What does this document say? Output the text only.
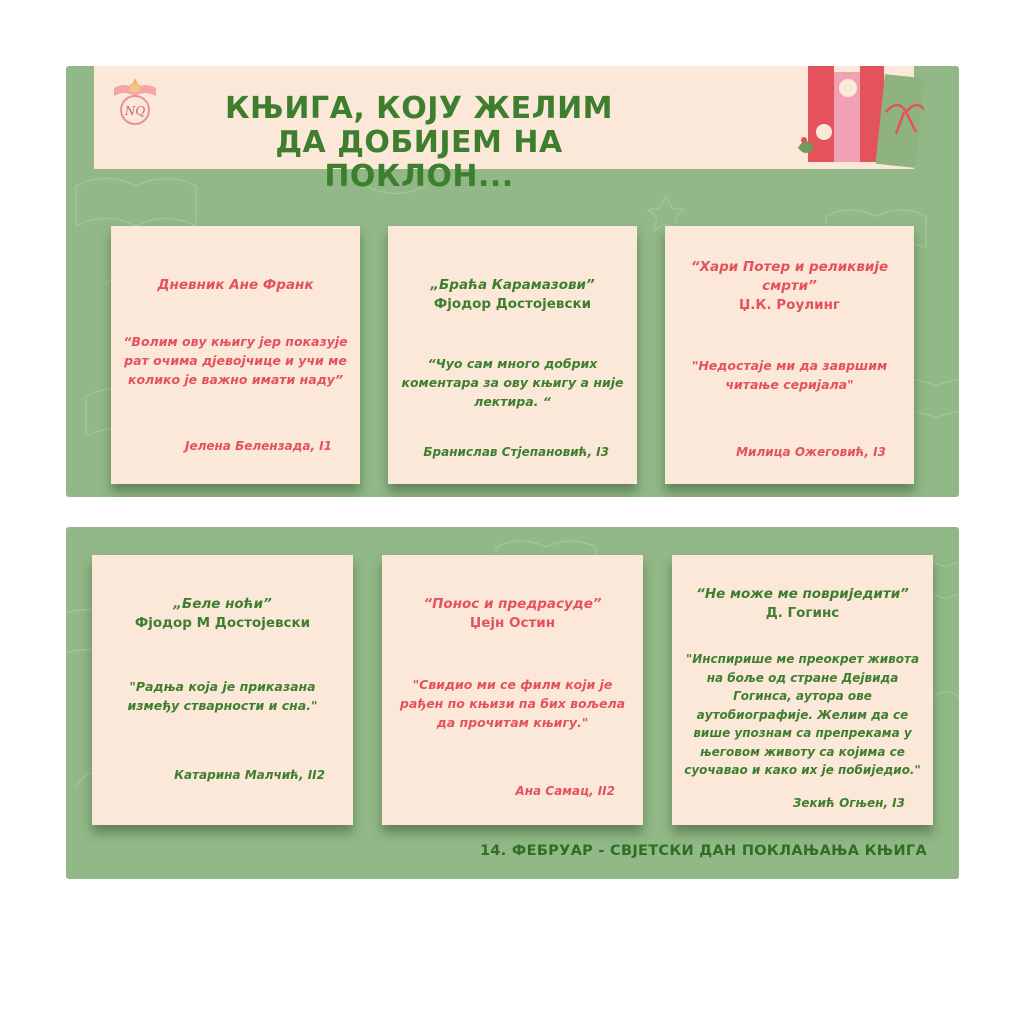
NQ	КЊИГА, КОЈУ ЖЕЛИМ
ДА ДОБИЈЕМ НА ПОКЛОН...
Дневник Ане Франк
“Волим ову књигу јер показује рат очима дјевојчице и учи ме колико је важно имати наду”
Јелена Белензада, I1
„Браћа Карамазови”
Фјодор Достојевски
“Чуо сам много добрих коментара за ову књигу а није лектира. “
Бранислав Стјепановић, I3
“Хари Потер и реликвије смрти”
Џ.К. Роулинг
"Недостаје ми да завршим читање серијала"
Милица Ожеговић, I3
„Беле ноћи”
Фјодор М Достојевски
"Радња која је приказана између стварности и сна."
Катарина Малчић, II2
“Понос и предрасуде”
Џејн Остин
"Свидио ми се филм који је рађен по књизи па бих вољела да прочитам књигу."
Ана Самац, II2
“Не може ме повриједити”
Д. Гогинс
"Инспирише ме преокрет живота на боље од стране Дејвида Гогинса, аутора ове аутобиографије. Желим да се више упознам са препрекама у његовом животу са којима се суочавао и како их је побиједио."
Зекић Огњен, I3
14. ФЕБРУАР - СВЈЕТСКИ ДАН ПОКЛАЊАЊА КЊИГА
